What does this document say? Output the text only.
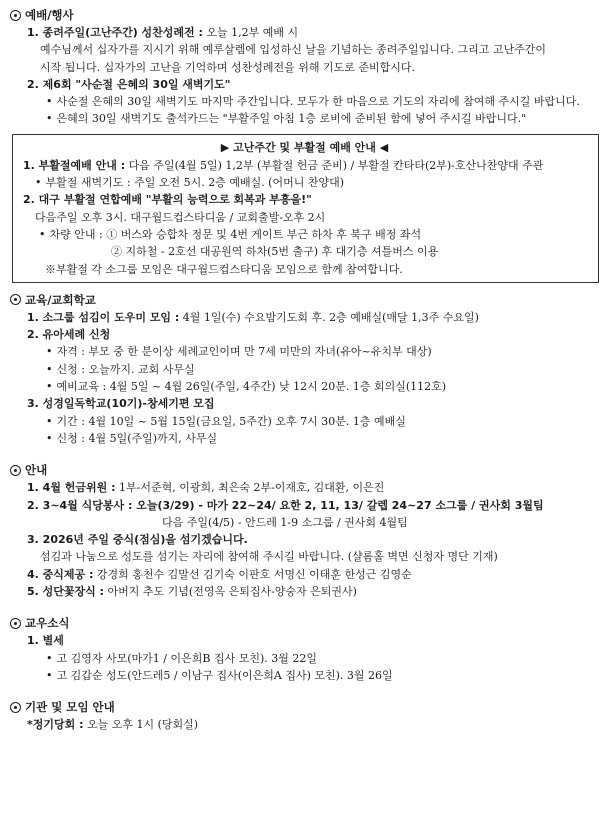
예배/행사
1. 종려주일(고난주간) 성찬성례전 : 오늘 1,2부 예배 시
예수님께서 십자가를 지시기 위해 예루살렘에 입성하신 날을 기념하는 종려주일입니다. 그리고 고난주간이
시작 됩니다. 십자가의 고난을 기억하며 성찬성례전을 위해 기도로 준비합시다.
2. 제6회 "사순절 은혜의 30일 새벽기도"
• 사순절 은혜의 30일 새벽기도 마지막 주간입니다. 모두가 한 마음으로 기도의 자리에 참여해 주시길 바랍니다.
• 은혜의 30일 새벽기도 출석카드는 "부활주일 아침 1층 로비에 준비된 함에 넣어 주시길 바랍니다."
▶ 고난주간 및 부활절 예배 안내 ◀
1. 부활절예배 안내 : 다음 주일(4월 5일) 1,2부 (부활절 헌금 준비) / 부활절 칸타타(2부)-호산나찬양대 주관
• 부활절 새벽기도 : 주일 오전 5시. 2층 예배실. (어머니 찬양대)
2. 대구 부활절 연합예배 "부활의 능력으로 회복과 부흥을!"
다음주일 오후 3시. 대구월드컵스타디움 / 교회출발-오후 2시
• 차량 안내 : ① 버스와 승합차 정문 및 4번 게이트 부근 하차 후 북구 배정 좌석
② 지하철 - 2호선 대공원역 하차(5번 출구) 후 대기층 셔틀버스 이용
※부활절 각 소그룹 모임은 대구월드컵스타디움 모임으로 함께 참여합니다.
교육/교회학교
1. 소그룹 섬김이 도우미 모임 : 4월 1일(수) 수요밤기도회 후. 2층 예배실(매달 1,3주 수요일)
2. 유아세례 신청
• 자격 : 부모 중 한 분이상 세례교인이며 만 7세 미만의 자녀(유아~유치부 대상)
• 신청 : 오늘까지. 교회 사무실
• 예비교육 : 4월 5일 ~ 4월 26일(주일, 4주간) 낮 12시 20분. 1층 회의실(112호)
3. 성경일독학교(10기)-창세기편 모집
• 기간 : 4월 10일 ~ 5월 15일(금요일, 5주간) 오후 7시 30분. 1층 예배실
• 신청 : 4월 5일(주일)까지, 사무실
안내
1. 4월 헌금위원 : 1부-서준혁, 이광희, 최은숙 2부-이재호, 김대환, 이은진
2. 3~4월 식당봉사 : 오늘(3/29) - 마가 22~24/ 요한 2, 11, 13/ 갈렙 24~27 소그룹 / 권사회 3월팀
다음 주일(4/5) - 안드레 1-9 소그룹 / 권사회 4월팀
3. 2026년 주일 중식(점심)을 섬기겠습니다.
섬김과 나눔으로 성도를 섬기는 자리에 참여해 주시길 바랍니다. (샬롬홀 벽면 신청자 명단 기재)
4. 중식제공 : 강경희 홍천수 김말선 김기숙 이판호 서명신 이태훈 한성근 김영순
5. 성단꽃장식 : 아버지 추도 기념(전영옥 은퇴집사-양숭자 은퇴권사)
교우소식
1. 별세
• 고 김영자 사모(마가1 / 이은희B 집사 모친). 3월 22일
• 고 김갑순 성도(안드레5 / 이남구 집사(이은희A 집사) 모친). 3월 26일
기관 및 모임 안내
*정기당회 : 오늘 오후 1시 (당회실)
